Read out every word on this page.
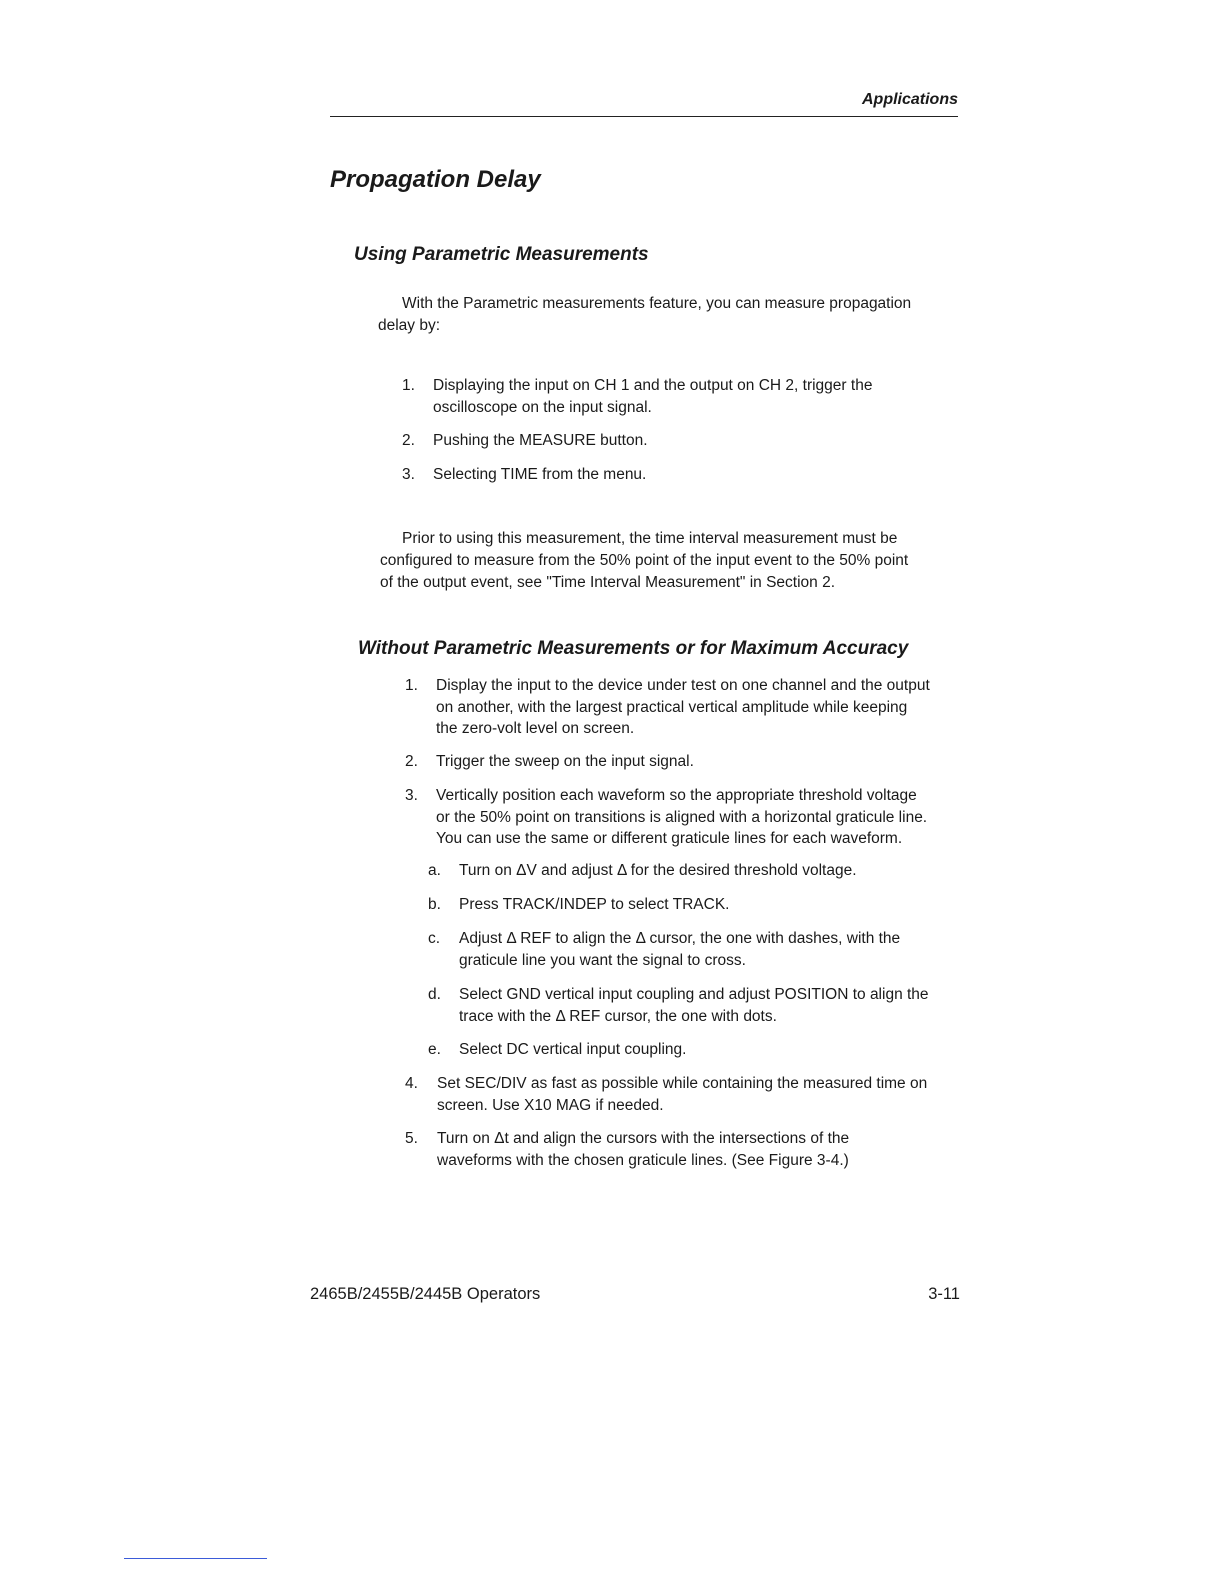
Applications
Propagation Delay
Using Parametric Measurements
With the Parametric measurements feature, you can measure propagation
delay by:
1. Displaying the input on CH 1 and the output on CH 2, trigger the
oscilloscope on the input signal.
2. Pushing the MEASURE button.
3. Selecting TIME from the menu.
Prior to using this measurement, the time interval measurement must be
configured to measure from the 50% point of the input event to the 50% point
of the output event, see "Time Interval Measurement" in Section 2.
Without Parametric Measurements or for Maximum Accuracy
1. Display the input to the device under test on one channel and the output
on another, with the largest practical vertical amplitude while keeping
the zero-volt level on screen.
2. Trigger the sweep on the input signal.
3. Vertically position each waveform so the appropriate threshold voltage
or the 50% point on transitions is aligned with a horizontal graticule line.
You can use the same or different graticule lines for each waveform.
a. Turn on ΔV and adjust Δ for the desired threshold voltage.
b. Press TRACK/INDEP to select TRACK.
c. Adjust Δ REF to align the Δ cursor, the one with dashes, with the
graticule line you want the signal to cross.
d. Select GND vertical input coupling and adjust POSITION to align the
trace with the Δ REF cursor, the one with dots.
e. Select DC vertical input coupling.
4. Set SEC/DIV as fast as possible while containing the measured time on
screen. Use X10 MAG if needed.
5. Turn on Δt and align the cursors with the intersections of the
waveforms with the chosen graticule lines. (See Figure 3-4.)
2465B/2455B/2445B Operators	3-11
